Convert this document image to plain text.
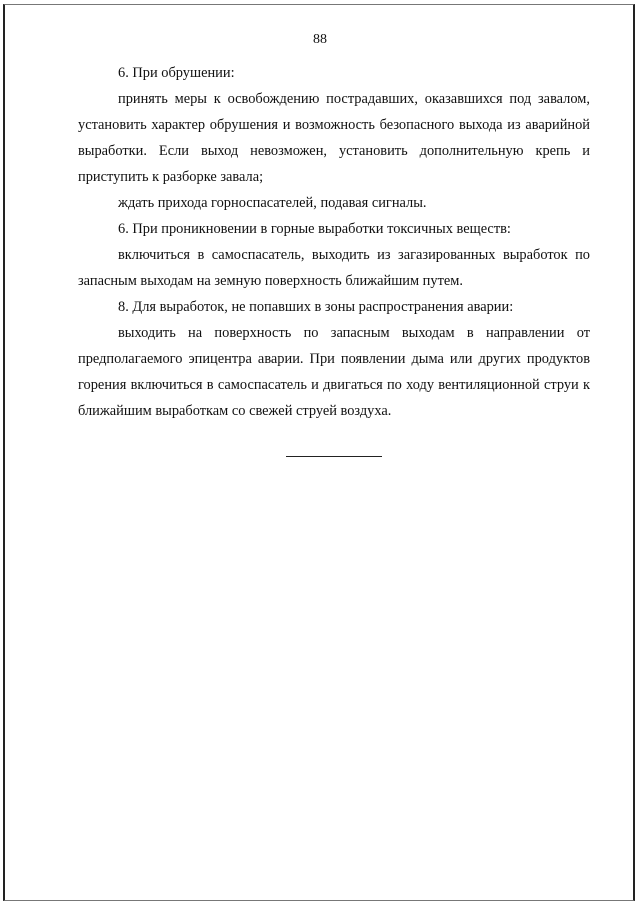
88
6. При обрушении:

принять меры к освобождению пострадавших, оказавшихся под завалом, установить характер обрушения и возможность безопасного выхода из аварийной выработки. Если выход невозможен, установить дополнительную крепь и приступить к разборке завала;

ждать прихода горноспасателей, подавая сигналы.
6. При проникновении в горные выработки токсичных веществ:

включиться в самоспасатель, выходить из загазированных выработок по запасным выходам на земную поверхность ближайшим путем.

8. Для выработок, не попавших в зоны распространения аварии:

выходить на поверхность по запасным выходам в направлении от предполагаемого эпицентра аварии. При появлении дыма или других продуктов горения включиться в самоспасатель и двигаться по ходу вентиляционной струи к ближайшим выработкам со свежей струей воздуха.
